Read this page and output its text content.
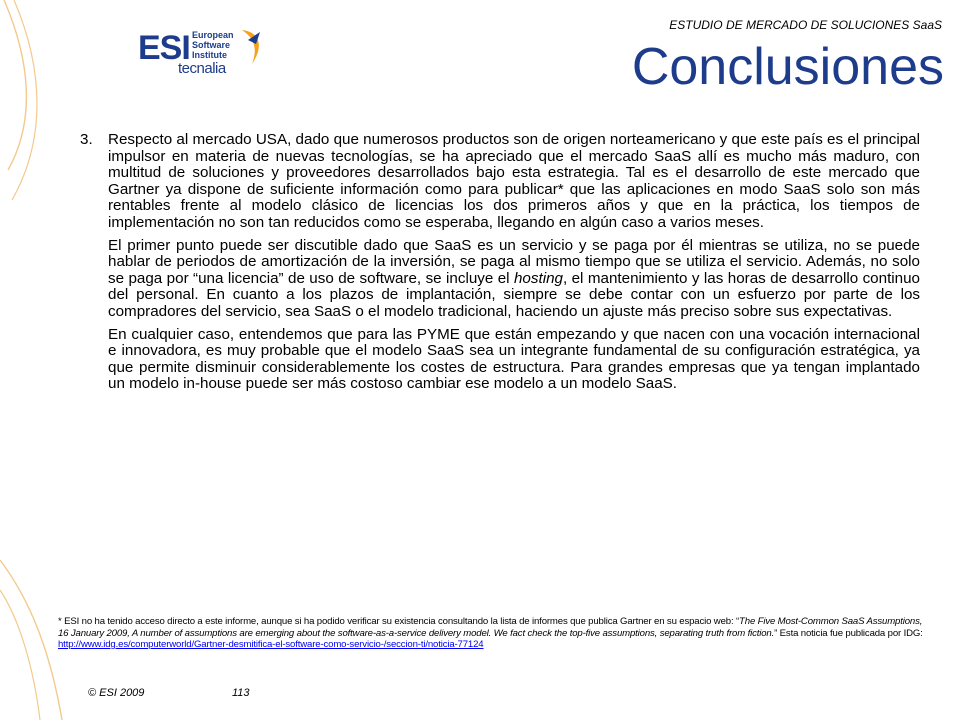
ESI European
Software
Institute
tecnalia
ESTUDIO DE MERCADO DE SOLUCIONES SaaS
Conclusiones
3.	Respecto al mercado USA, dado que numerosos productos son de origen norteamericano y que este país es el principal impulsor en materia de nuevas tecnologías, se ha apreciado que el mercado SaaS allí es mucho más maduro, con multitud de soluciones y proveedores desarrollados bajo esta estrategia. Tal es el desarrollo de este mercado que Gartner ya dispone de suficiente información como para publicar* que las aplicaciones en modo SaaS solo son más rentables frente al modelo clásico de licencias los dos primeros años y que en la práctica, los tiempos de implementación no son tan reducidos como se esperaba, llegando en algún caso a varios meses.

El primer punto puede ser discutible dado que SaaS es un servicio y se paga por él mientras se utiliza, no se puede hablar de periodos de amortización de la inversión, se paga al mismo tiempo que se utiliza el servicio. Además, no solo se paga por “una licencia” de uso de software, se incluye el hosting, el mantenimiento y las horas de desarrollo continuo del personal. En cuanto a los plazos de implantación, siempre se debe contar con un esfuerzo por parte de los compradores del servicio, sea SaaS o el modelo tradicional, haciendo un ajuste más preciso sobre sus expectativas.

En cualquier caso, entendemos que para las PYME que están empezando y que nacen con una vocación internacional e innovadora, es muy probable que el modelo SaaS sea un integrante fundamental de su configuración estratégica, ya que permite disminuir considerablemente los costes de estructura. Para grandes empresas que ya tengan implantado un modelo in-house puede ser más costoso cambiar ese modelo a un modelo SaaS.

* ESI no ha tenido acceso directo a este informe, aunque si ha podido verificar su existencia consultando la lista de informes que publica Gartner en su espacio web: “The Five Most-Common SaaS Assumptions, 16 January 2009, A number of assumptions are emerging about the software-as-a-service delivery model. We fact check the top-five assumptions, separating truth from fiction.” Esta noticia fue publicada por IDG: http://www.idg.es/computerworld/Gartner-desmitifica-el-software-como-servicio-/seccion-ti/noticia-77124
© ESI 2009	113
